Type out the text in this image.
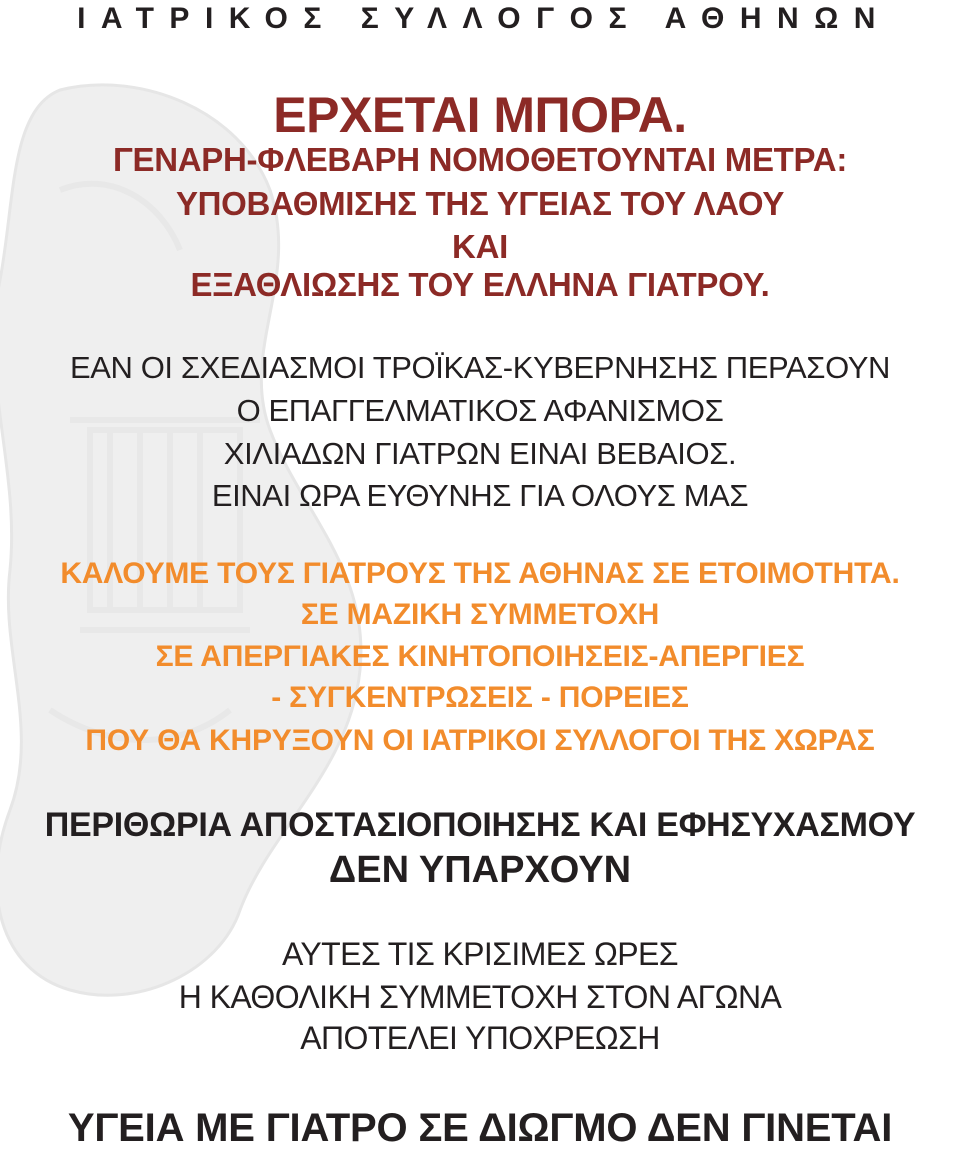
ΙΑΤΡΙΚΟΣ ΣΥΛΛΟΓΟΣ ΑΘΗΝΩΝ
ΕΡΧΕΤΑΙ ΜΠΟΡΑ.
ΓΕΝΑΡΗ-ΦΛΕΒΑΡΗ ΝΟΜΟΘΕΤΟΥΝΤΑΙ ΜΕΤΡΑ:
ΥΠΟΒΑΘΜΙΣΗΣ ΤΗΣ ΥΓΕΙΑΣ ΤΟΥ ΛΑΟΥ
ΚΑΙ
ΕΞΑΘΛΙΩΣΗΣ ΤΟΥ ΕΛΛΗΝΑ ΓΙΑΤΡΟΥ.
ΕΑΝ ΟΙ ΣΧΕΔΙΑΣΜΟΙ ΤΡΟΪΚΑΣ-ΚΥΒΕΡΝΗΣΗΣ ΠΕΡΑΣΟΥΝ
Ο ΕΠΑΓΓΕΛΜΑΤΙΚΟΣ ΑΦΑΝΙΣΜΟΣ
ΧΙΛΙΑΔΩΝ ΓΙΑΤΡΩΝ ΕΙΝΑΙ ΒΕΒΑΙΟΣ.
ΕΙΝΑΙ ΩΡΑ ΕΥΘΥΝΗΣ ΓΙΑ ΟΛΟΥΣ ΜΑΣ
ΚΑΛΟΥΜΕ ΤΟΥΣ ΓΙΑΤΡΟΥΣ ΤΗΣ ΑΘΗΝΑΣ ΣΕ ΕΤΟΙΜΟΤΗΤΑ.
ΣΕ ΜΑΖΙΚΗ ΣΥΜΜΕΤΟΧΗ
ΣΕ ΑΠΕΡΓΙΑΚΕΣ ΚΙΝΗΤΟΠΟΙΗΣΕΙΣ-ΑΠΕΡΓΙΕΣ
- ΣΥΓΚΕΝΤΡΩΣΕΙΣ - ΠΟΡΕΙΕΣ
ΠΟΥ ΘΑ ΚΗΡΥΞΟΥΝ ΟΙ ΙΑΤΡΙΚΟΙ ΣΥΛΛΟΓΟΙ ΤΗΣ ΧΩΡΑΣ
ΠΕΡΙΘΩΡΙΑ ΑΠΟΣΤΑΣΙΟΠΟΙΗΣΗΣ ΚΑΙ ΕΦΗΣΥΧΑΣΜΟΥ
ΔΕΝ ΥΠΑΡΧΟΥΝ
ΑΥΤΕΣ ΤΙΣ ΚΡΙΣΙΜΕΣ ΩΡΕΣ
Η ΚΑΘΟΛΙΚΗ ΣΥΜΜΕΤΟΧΗ ΣΤΟΝ ΑΓΩΝΑ
ΑΠΟΤΕΛΕΙ ΥΠΟΧΡΕΩΣΗ
ΥΓΕΙΑ ΜΕ ΓΙΑΤΡΟ ΣΕ ΔΙΩΓΜΟ ΔΕΝ ΓΙΝΕΤΑΙ
